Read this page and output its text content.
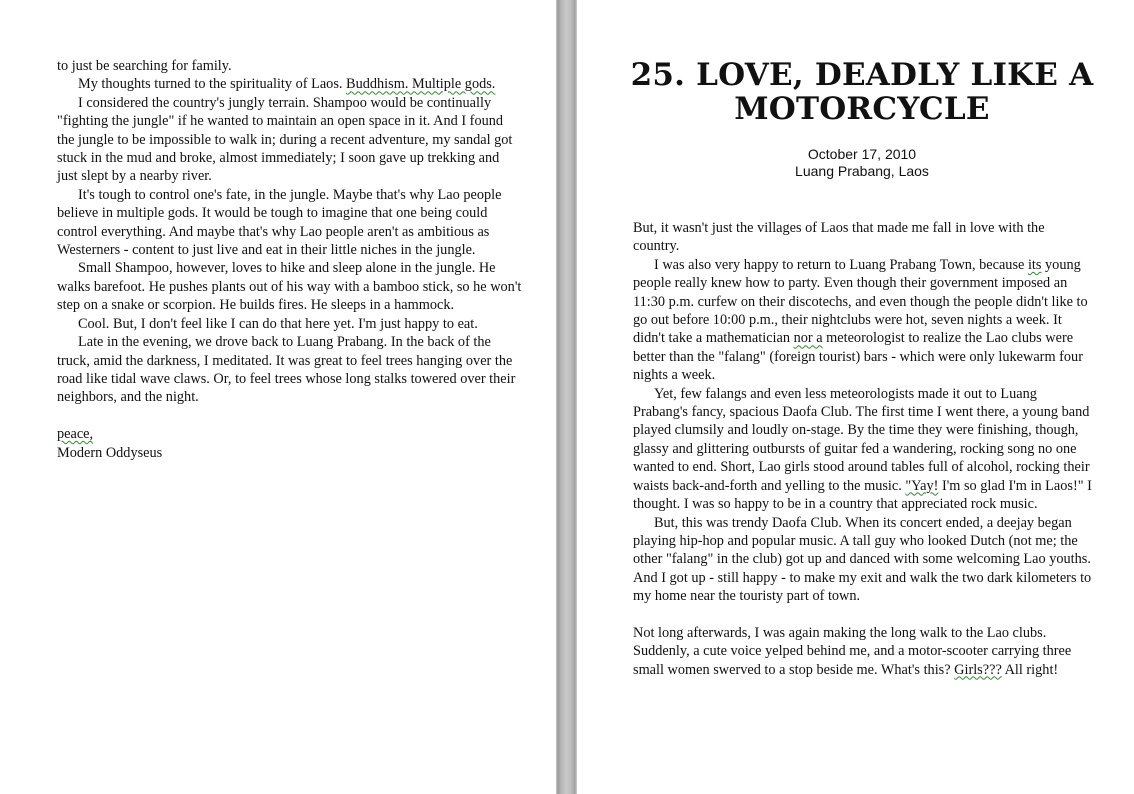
to just be searching for family.

My thoughts turned to the spirituality of Laos. Buddhism. Multiple gods.

I considered the country's jungly terrain. Shampoo would be continually "fighting the jungle" if he wanted to maintain an open space in it. And I found the jungle to be impossible to walk in; during a recent adventure, my sandal got stuck in the mud and broke, almost immediately; I soon gave up trekking and just slept by a nearby river.

It's tough to control one's fate, in the jungle. Maybe that's why Lao people believe in multiple gods. It would be tough to imagine that one being could control everything. And maybe that's why Lao people aren't as ambitious as Westerners - content to just live and eat in their little niches in the jungle.

Small Shampoo, however, loves to hike and sleep alone in the jungle. He walks barefoot. He pushes plants out of his way with a bamboo stick, so he won't step on a snake or scorpion. He builds fires. He sleeps in a hammock.

Cool. But, I don't feel like I can do that here yet. I'm just happy to eat.

Late in the evening, we drove back to Luang Prabang. In the back of the truck, amid the darkness, I meditated. It was great to feel trees hanging over the road like tidal wave claws. Or, to feel trees whose long stalks towered over their neighbors, and the night.

peace,

Modern Oddyseus

25. LOVE, DEADLY LIKE A MOTORCYCLE
October 17, 2010
Luang Prabang, Laos

But, it wasn't just the villages of Laos that made me fall in love with the country.

I was also very happy to return to Luang Prabang Town, because its young people really knew how to party. Even though their government imposed an 11:30 p.m. curfew on their discotechs, and even though the people didn't like to go out before 10:00 p.m., their nightclubs were hot, seven nights a week. It didn't take a mathematician nor a meteorologist to realize the Lao clubs were better than the "falang" (foreign tourist) bars - which were only lukewarm four nights a week.

Yet, few falangs and even less meteorologists made it out to Luang Prabang's fancy, spacious Daofa Club. The first time I went there, a young band played clumsily and loudly on-stage. By the time they were finishing, though, glassy and glittering outbursts of guitar fed a wandering, rocking song no one wanted to end. Short, Lao girls stood around tables full of alcohol, rocking their waists back-and-forth and yelling to the music. "Yay! I'm so glad I'm in Laos!" I thought. I was so happy to be in a country that appreciated rock music.

But, this was trendy Daofa Club. When its concert ended, a deejay began playing hip-hop and popular music. A tall guy who looked Dutch (not me; the other "falang" in the club) got up and danced with some welcoming Lao youths. And I got up - still happy - to make my exit and walk the two dark kilometers to my home near the touristy part of town.

Not long afterwards, I was again making the long walk to the Lao clubs. Suddenly, a cute voice yelped behind me, and a motor-scooter carrying three small women swerved to a stop beside me. What's this? Girls??? All right!
